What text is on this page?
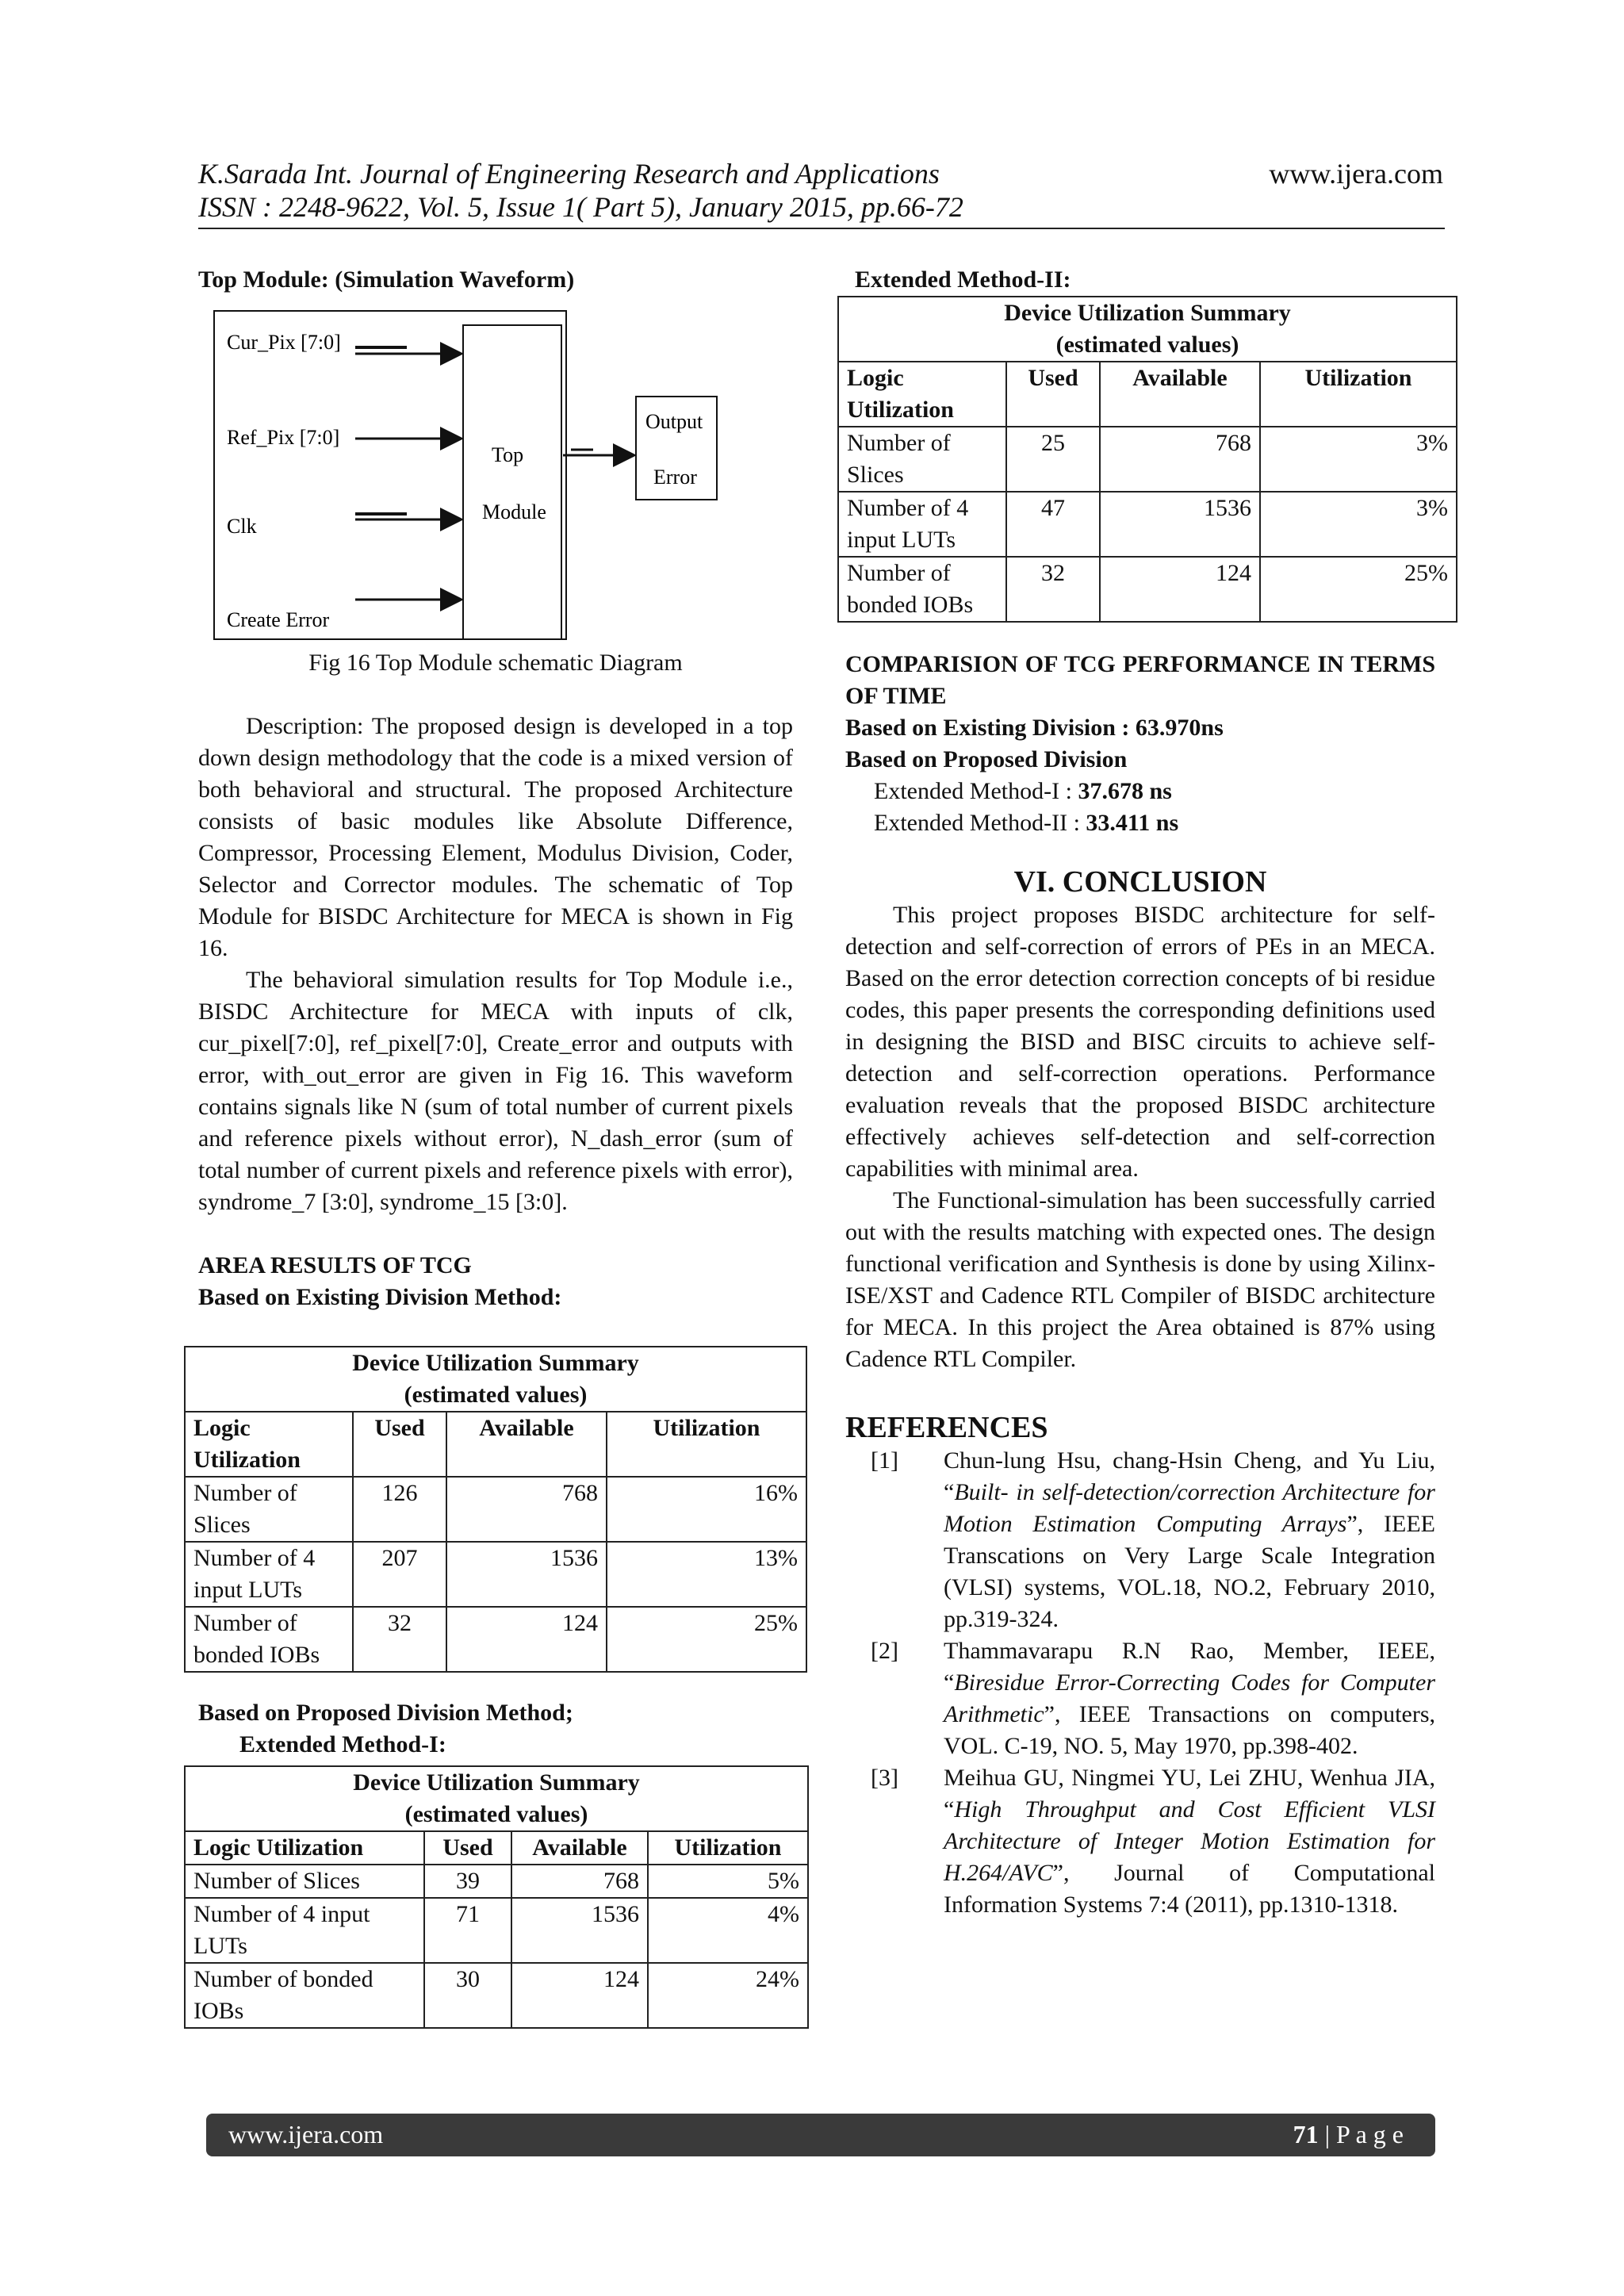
K.Sarada Int. Journal of Engineering Research and Applications
ISSN : 2248-9622, Vol. 5, Issue 1( Part 5), January 2015, pp.66-72
www.ijera.com
Top Module: (Simulation Waveform)
Cur_Pix [7:0]
Ref_Pix [7:0]
Clk
Create Error
Top
Module
Output
Error
Fig 16 Top Module schematic Diagram
Description: The proposed design is developed in a top down design methodology that the code is a mixed version of both behavioral and structural. The proposed Architecture consists of basic modules like Absolute Difference, Compressor, Processing Element, Modulus Division, Coder, Selector and Corrector modules. The schematic of Top Module for BISDC Architecture for MECA is shown in Fig 16.
The behavioral simulation results for Top Module i.e., BISDC Architecture for MECA with inputs of clk, cur_pixel[7:0], ref_pixel[7:0], Create_error and outputs with error, with_out_error are given in Fig 16. This waveform contains signals like N (sum of total number of current pixels and reference pixels without error), N_dash_error (sum of total number of current pixels and reference pixels with error), syndrome_7 [3:0], syndrome_15 [3:0].
AREA RESULTS OF TCG
Based on Existing Division Method:
Device Utilization Summary
(estimated values)			

Logic Utilization	Used	Available	Utilization
Number of Slices	126	768	16%
Number of 4 input LUTs	207	1536	13%
Number of bonded IOBs	32	124	25%
Based on Proposed Division Method;
Extended Method-I:
Device Utilization Summary
(estimated values)			

Logic Utilization	Used	Available	Utilization
Number of Slices	39	768	5%
Number of 4 input LUTs	71	1536	4%
Number of bonded IOBs	30	124	24%
Extended Method-II:
Device Utilization Summary
(estimated values)			

Logic Utilization	Used	Available	Utilization
Number of Slices	25	768	3%
Number of 4 input LUTs	47	1536	3%
Number of bonded IOBs	32	124	25%
COMPARISION OF TCG PERFORMANCE IN TERMS OF TIME
Based on Existing Division : 63.970ns
Based on Proposed Division
Extended Method-I : 37.678 ns
Extended Method-II : 33.411 ns
VI. CONCLUSION
This project proposes BISDC architecture for self-detection and self-correction of errors of PEs in an MECA. Based on the error detection correction concepts of bi residue codes, this paper presents the corresponding definitions used in designing the BISD and BISC circuits to achieve self-detection and self-correction operations. Performance evaluation reveals that the proposed BISDC architecture effectively achieves self-detection and self-correction capabilities with minimal area.
The Functional-simulation has been successfully carried out with the results matching with expected ones. The design functional verification and Synthesis is done by using Xilinx-ISE/XST and Cadence RTL Compiler of BISDC architecture for MECA. In this project the Area obtained is 87% using Cadence RTL Compiler.
REFERENCES
[1] Chun-lung Hsu, chang-Hsin Cheng, and Yu Liu, “Built- in self-detection/correction Architecture for Motion Estimation Computing Arrays”, IEEE Transcations on Very Large Scale Integration (VLSI) systems, VOL.18, NO.2, February 2010, pp.319-324.
[2] Thammavarapu R.N Rao, Member, IEEE, “Biresidue Error-Correcting Codes for Computer Arithmetic”, IEEE Transactions on computers, VOL. C-19, NO. 5, May 1970, pp.398-402.
[3] Meihua GU, Ningmei YU, Lei ZHU, Wenhua JIA, “High Throughput and Cost Efficient VLSI Architecture of Integer Motion Estimation for H.264/AVC”, Journal of Computational Information Systems 7:4 (2011), pp.1310-1318.
www.ijera.com	71 | P a g e
